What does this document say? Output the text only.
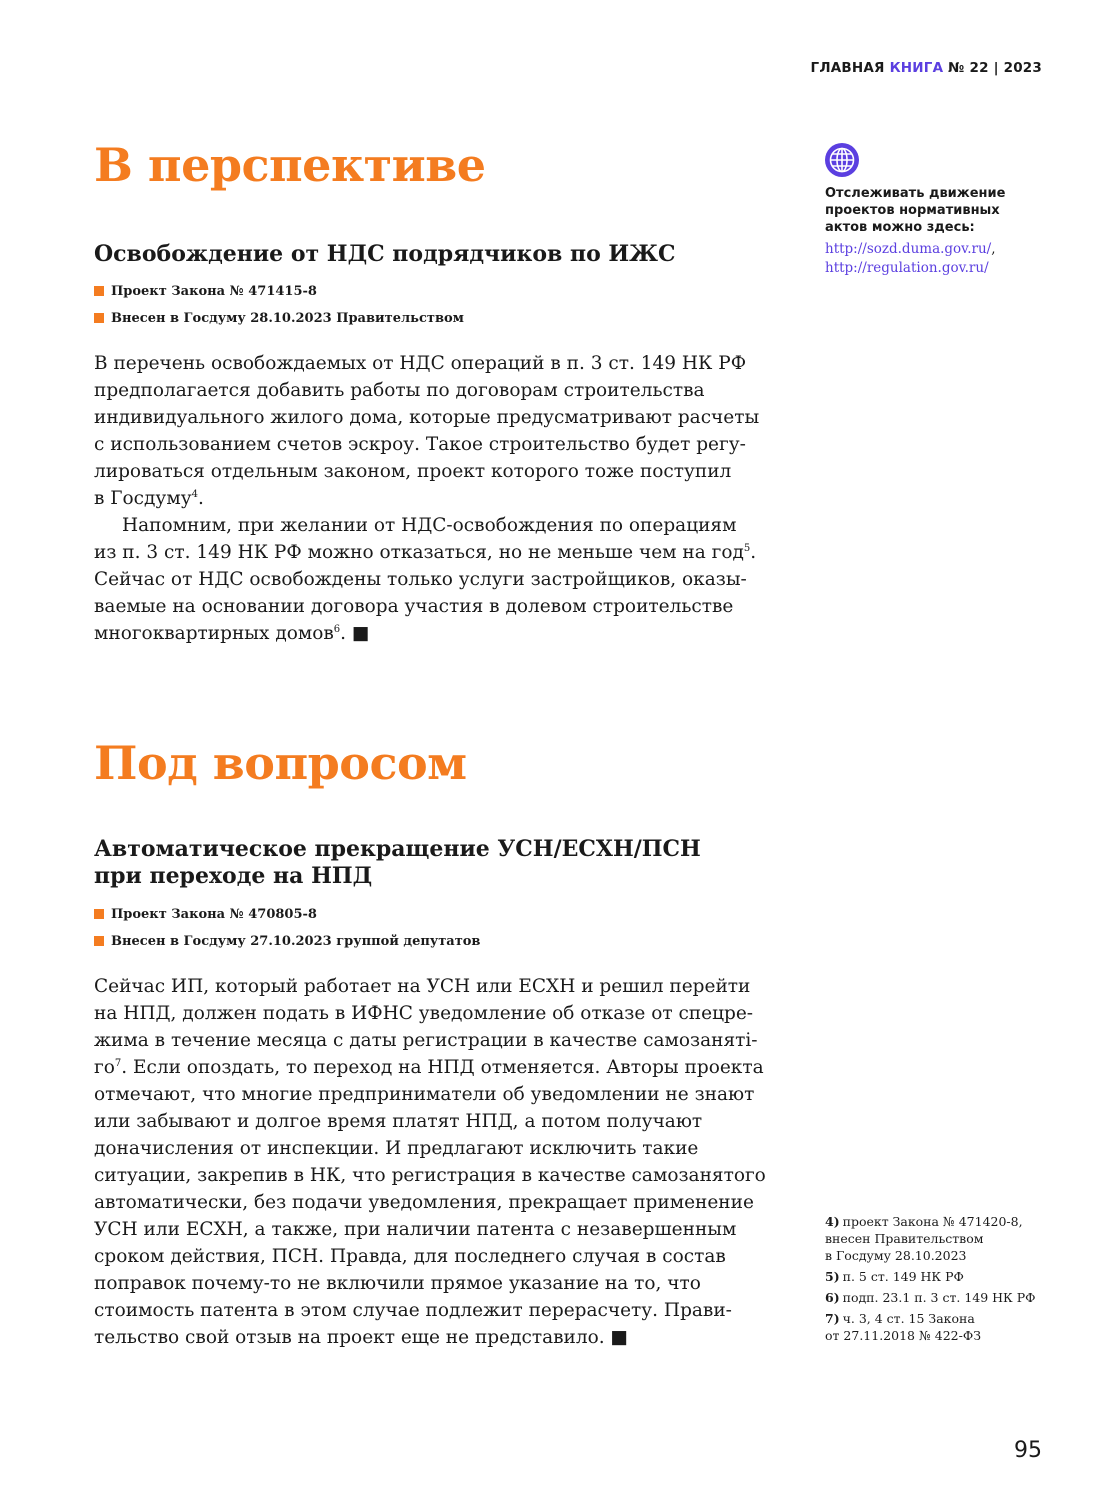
ГЛАВНАЯ КНИГА № 22 | 2023
В перспективе
Освобождение от НДС подрядчиков по ИЖС
Проект Закона № 471415-8
Внесен в Госдуму 28.10.2023 Правительством
В перечень освобождаемых от НДС операций в п. 3 ст. 149 НК РФ
предполагается добавить работы по договорам строительства
индивидуального жилого дома, которые предусматривают расчеты
с использованием счетов эскроу. Такое строительство будет регу-
лироваться отдельным законом, проект которого тоже поступил
в Госдуму$^4$.
Напомним, при желании от НДС-освобождения по операциям
из п. 3 ст. 149 НК РФ можно отказаться, но не меньше чем на год$^5$.
Сейчас от НДС освобождены только услуги застройщиков, оказы-
ваемые на основании договора участия в долевом строительстве
многоквартирных домов$^6$. ■
Под вопросом
Автоматическое прекращение УСН/ЕСХН/ПСН
при переходе на НПД
Проект Закона № 470805-8
Внесен в Госдуму 27.10.2023 группой депутатов
Сейчас ИП, который работает на УСН или ЕСХН и решил перейти
на НПД, должен подать в ИФНС уведомление об отказе от спецре-
жима в течение месяца с даты регистрации в качестве самозаняті-
$го^7$. Если опоздать, то переход на НПД отменяется. Авторы проекта
отмечают, что многие предприниматели об уведомлении не знают
или забывают и долгое время платят НПД, а потом получают
доначисления от инспекции. И предлагают исключить такие
ситуации, закрепив в НК, что регистрация в качестве самозанятого
автоматически, без подачи уведомления, прекращает применение
УСН или ЕСХН, а также, при наличии патента с незавершенным
сроком действия, ПСН. Правда, для последнего случая в состав
поправок почему-то не включили прямое указание на то, что
стоимость патента в этом случае подлежит перерасчету. Прави-
тельство свой отзыв на проект еще не представило. ■
Отслеживать движение
проектов нормативных
актов можно здесь:
http://sozd.duma.gov.ru/,
http://regulation.gov.ru/
4) проект Закона № 471420-8,
внесен Правительством
в Госдуму 28.10.2023
5) п. 5 ст. 149 НК РФ
6) подп. 23.1 п. 3 ст. 149 НК РФ
7) ч. 3, 4 ст. 15 Закона
от 27.11.2018 № 422-ФЗ
95
